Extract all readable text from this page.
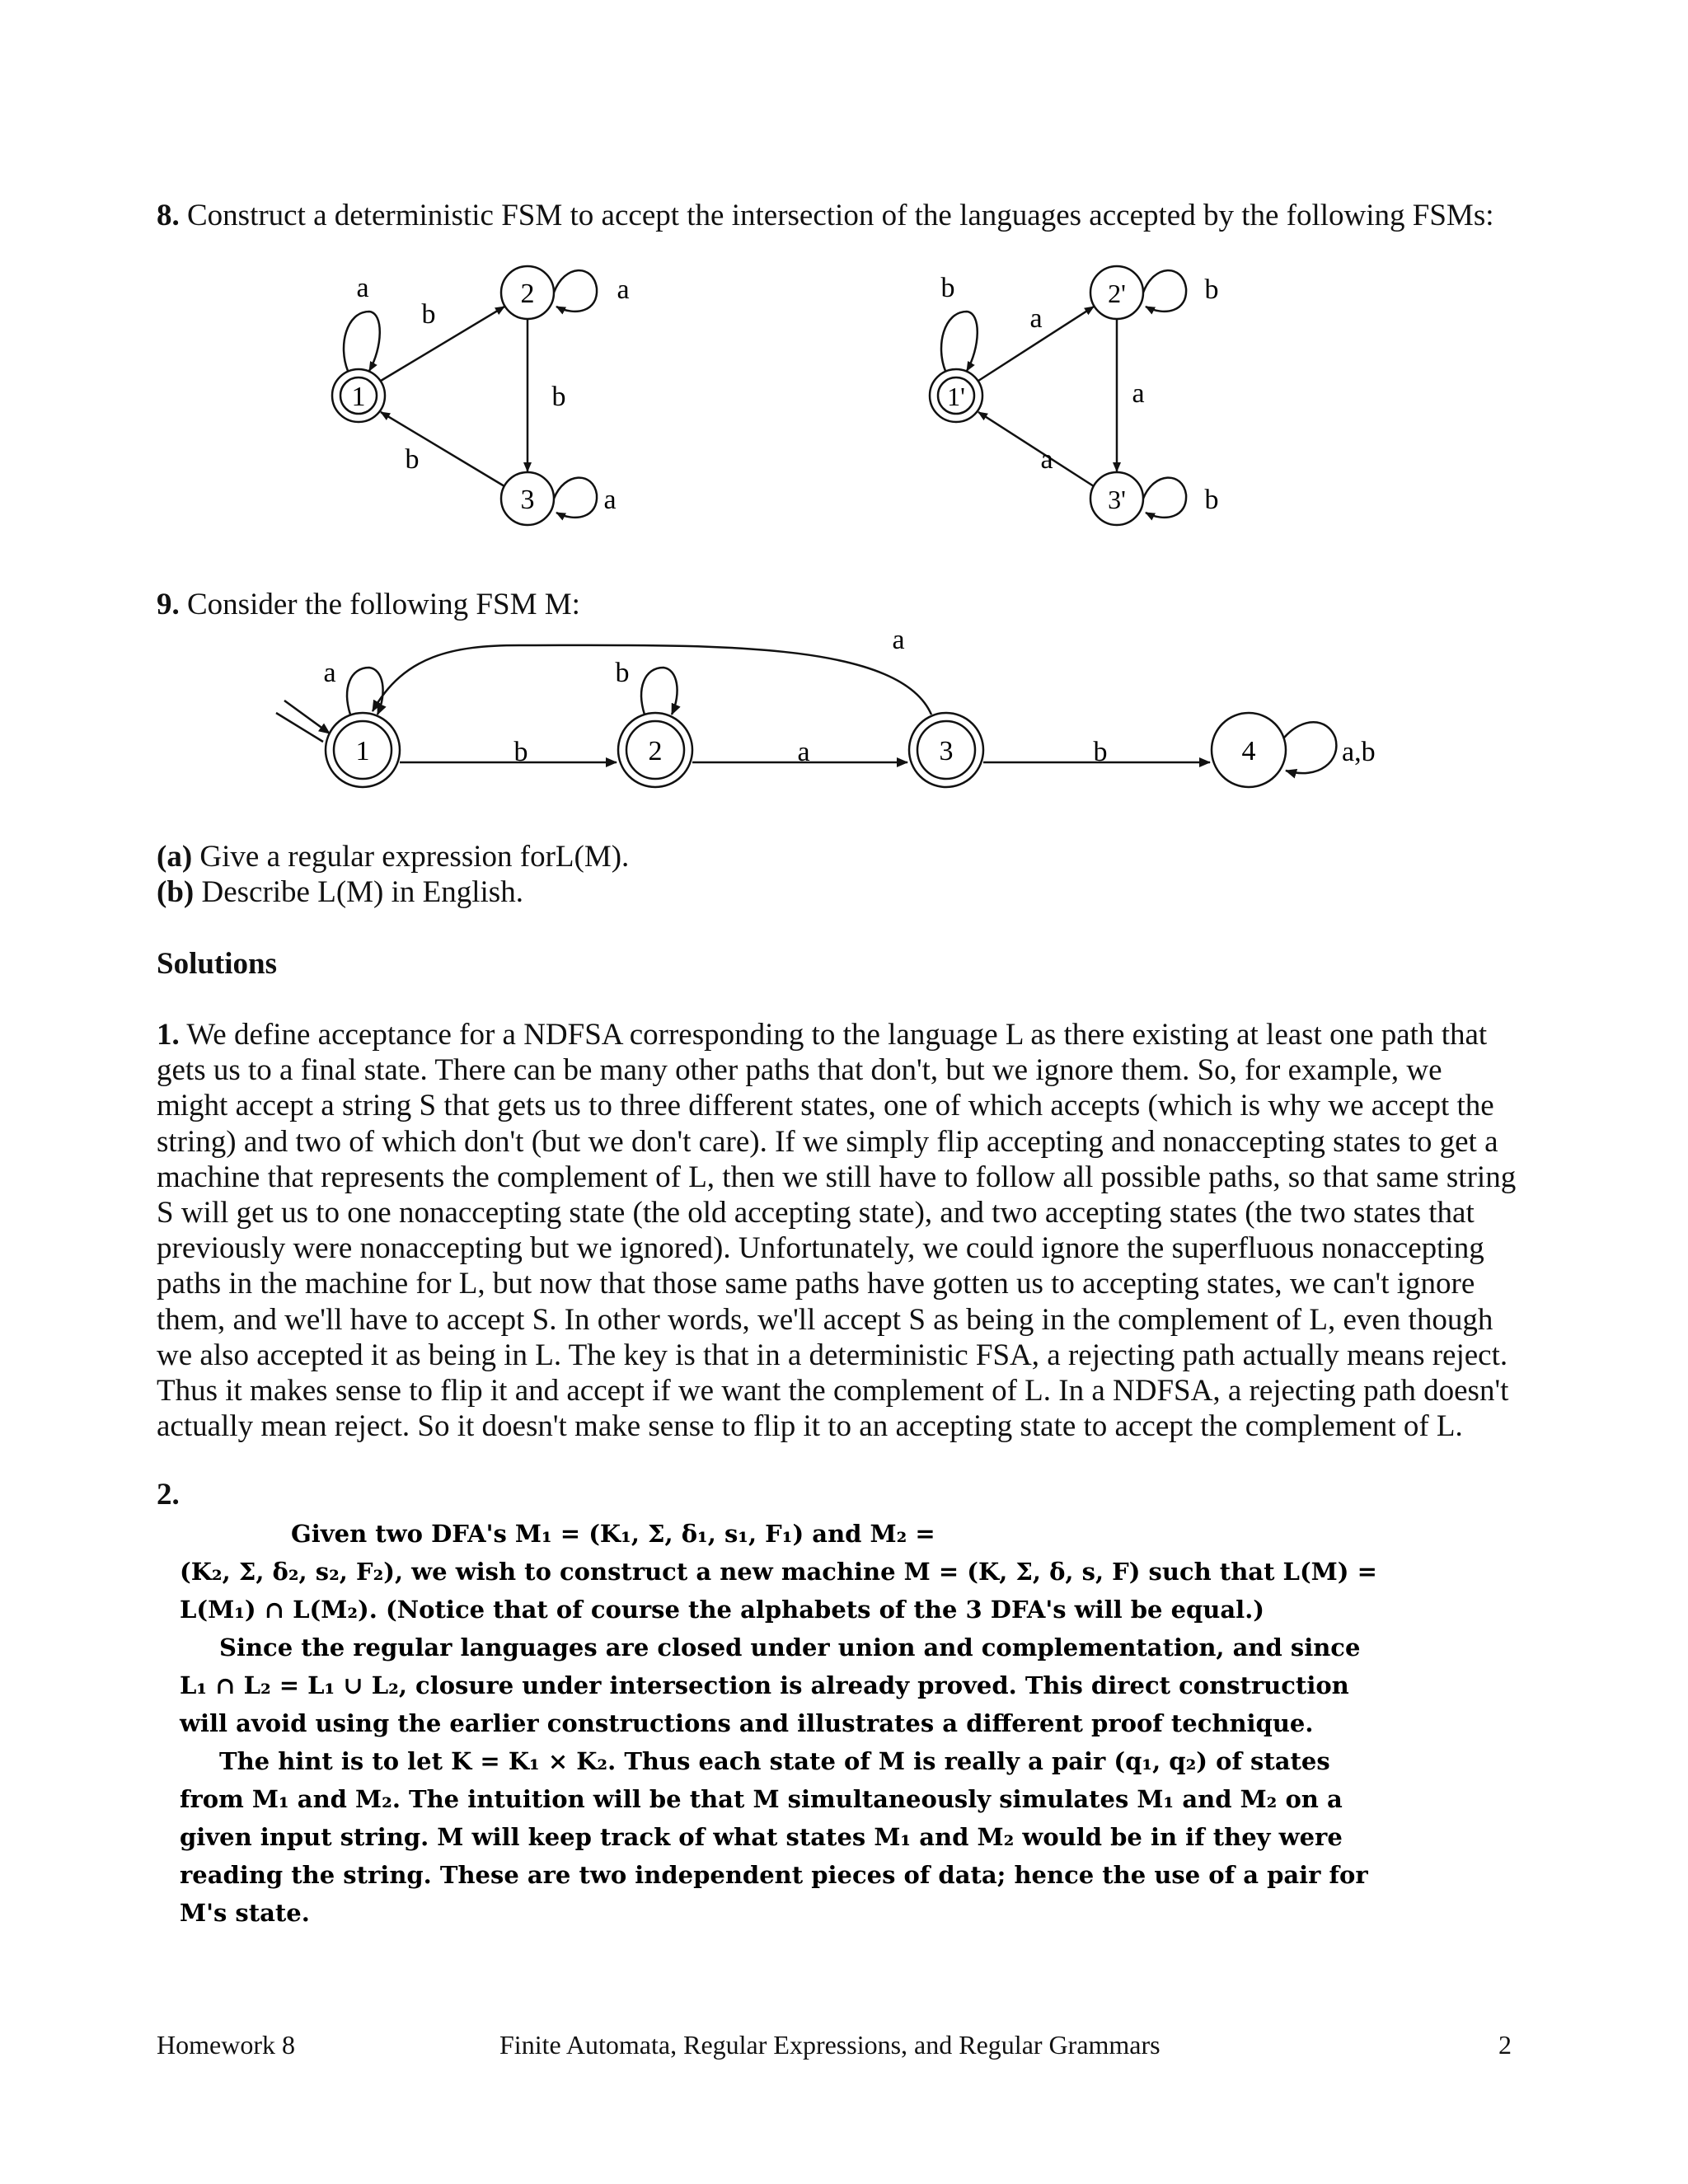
8. Construct a deterministic FSM to accept the intersection of the languages accepted by the following FSMs:
1
2
3
a
b
a
b
a
b
1'
2'
3'
b
a
b
a
b
a
9. Consider the following FSM M:
1	2	3	4
a	b
b	a	b
a
a,b
(a) Give a regular expression forL(M).
(b) Describe L(M) in English.
Solutions
1. We define acceptance for a NDFSA corresponding to the language L as there existing at least one path that
gets us to a final state. There can be many other paths that don't, but we ignore them. So, for example, we
might accept a string S that gets us to three different states, one of which accepts (which is why we accept the
string) and two of which don't (but we don't care). If we simply flip accepting and nonaccepting states to get a
machine that represents the complement of L, then we still have to follow all possible paths, so that same string
S will get us to one nonaccepting state (the old accepting state), and two accepting states (the two states that
previously were nonaccepting but we ignored). Unfortunately, we could ignore the superfluous nonaccepting
paths in the machine for L, but now that those same paths have gotten us to accepting states, we can't ignore
them, and we'll have to accept S. In other words, we'll accept S as being in the complement of L, even though
we also accepted it as being in L. The key is that in a deterministic FSA, a rejecting path actually means reject.
Thus it makes sense to flip it and accept if we want the complement of L. In a NDFSA, a rejecting path doesn't
actually mean reject. So it doesn't make sense to flip it to an accepting state to accept the complement of L.
2.
Given two DFA's M₁ = (K₁, Σ, δ₁, s₁, F₁) and M₂ =
(K₂, Σ, δ₂, s₂, F₂), we wish to construct a new machine M = (K, Σ, δ, s, F) such that L(M) =
L(M₁) ∩ L(M₂). (Notice that of course the alphabets of the 3 DFA's will be equal.)
Since the regular languages are closed under union and complementation, and since
L₁ ∩ L₂ = L₁ ∪ L₂, closure under intersection is already proved. This direct construction
will avoid using the earlier constructions and illustrates a different proof technique.
The hint is to let K = K₁ × K₂. Thus each state of M is really a pair (q₁, q₂) of states
from M₁ and M₂. The intuition will be that M simultaneously simulates M₁ and M₂ on a
given input string. M will keep track of what states M₁ and M₂ would be in if they were
reading the string. These are two independent pieces of data; hence the use of a pair for
M's state.
Homework 8	Finite Automata, Regular Expressions, and Regular Grammars	2
